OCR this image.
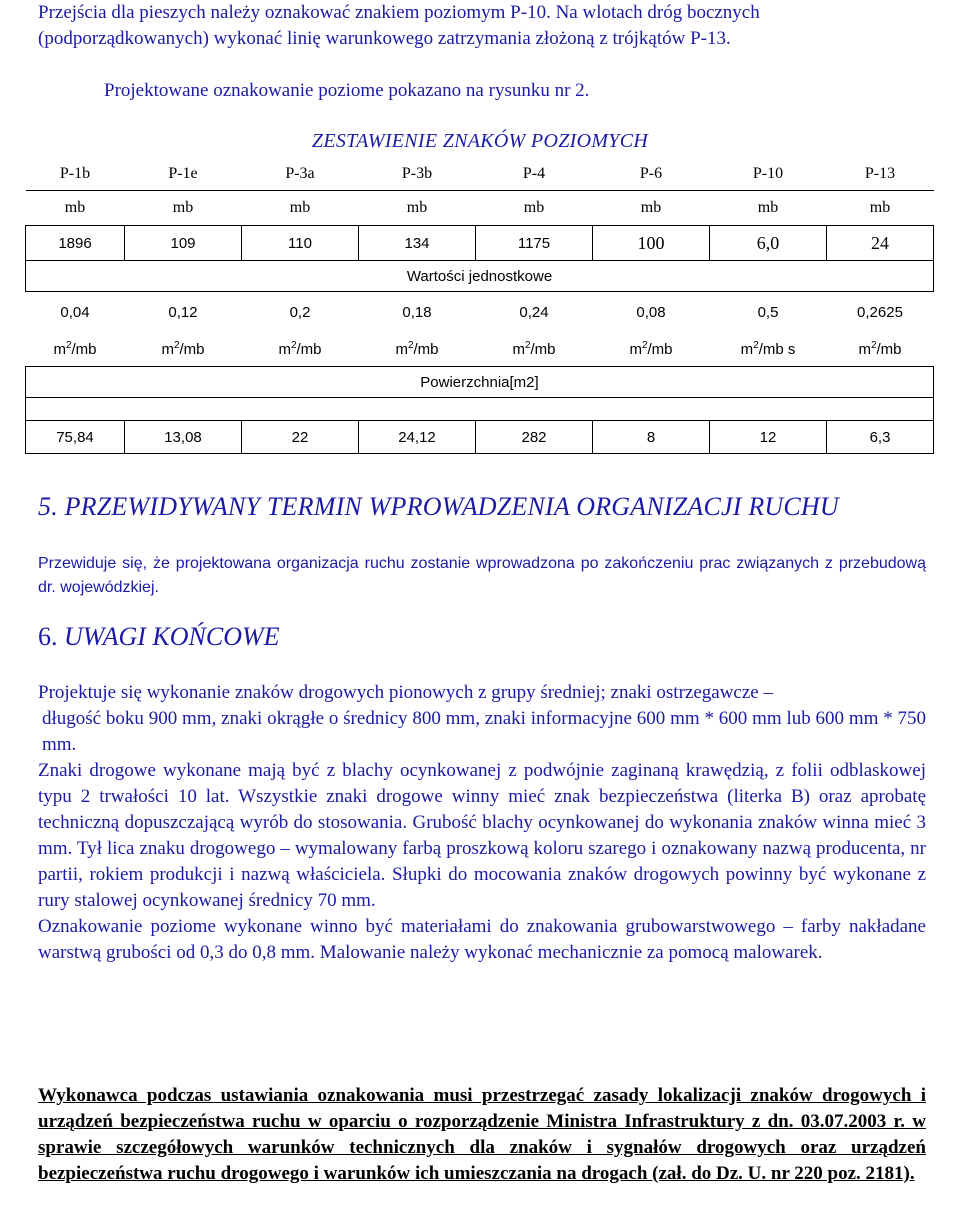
Przejścia dla pieszych należy oznakować znakiem poziomym P-10. Na wlotach dróg bocznych (podporządkowanych) wykonać linię warunkowego zatrzymania złożoną z trójkątów P-13.
Projektowane oznakowanie poziome pokazano na rysunku nr 2.
ZESTAWIENIE ZNAKÓW POZIOMYCH
P-1b	P-1e	P-3a	P-3b	P-4	P-6	P-10	P-13
mb	mb	mb	mb	mb	mb	mb	mb
1896	109	110	134	1175	100	6,0	24
Wartości jednostkowe							
0,04	0,12	0,2	0,18	0,24	0,08	0,5	0,2625
$m^2/mb$	$m^2/mb$	$m^2/mb$	$m^2/mb$	$m^2/mb$	$m^2/mb$	$m^2/mb$ s	$m^2/mb$
Powierzchnia[m2]							

75,84	13,08	22	24,12	282	8	12	6,3
5. PRZEWIDYWANY TERMIN WPROWADZENIA ORGANIZACJI RUCHU
Przewiduje się, że projektowana organizacja ruchu zostanie wprowadzona po zakończeniu prac związanych z przebudową dr. wojewódzkiej.
6. UWAGI KOŃCOWE

Projektuje się wykonanie znaków drogowych pionowych z grupy średniej; znaki ostrzegawcze –

długość boku 900 mm, znaki okrągłe o średnicy 800 mm, znaki informacyjne 600 mm * 600 mm lub 600 mm * 750 mm.

Znaki drogowe wykonane mają być z blachy ocynkowanej z podwójnie zaginaną krawędzią, z folii odblaskowej typu 2 trwałości 10 lat. Wszystkie znaki drogowe winny mieć znak bezpieczeństwa (literka B) oraz aprobatę techniczną dopuszczającą wyrób do stosowania. Grubość blachy ocynkowanej do wykonania znaków winna mieć 3 mm. Tył lica znaku drogowego – wymalowany farbą proszkową koloru szarego i oznakowany nazwą producenta, nr partii, rokiem produkcji i nazwą właściciela. Słupki do mocowania znaków drogowych powinny być wykonane z rury stalowej ocynkowanej średnicy 70 mm.

Oznakowanie poziome wykonane winno być materiałami do znakowania grubowarstwowego – farby nakładane warstwą grubości od 0,3 do 0,8 mm. Malowanie należy wykonać mechanicznie za pomocą malowarek.

Wykonawca podczas ustawiania oznakowania musi przestrzegać zasady lokalizacji znaków drogowych i urządzeń bezpieczeństwa ruchu w oparciu o rozporządzenie Ministra Infrastruktury z dn. 03.07.2003 r. w sprawie szczegółowych warunków technicznych dla znaków i sygnałów drogowych oraz urządzeń bezpieczeństwa ruchu drogowego i warunków ich umieszczania na drogach (zał. do Dz. U. nr 220 poz. 2181).
